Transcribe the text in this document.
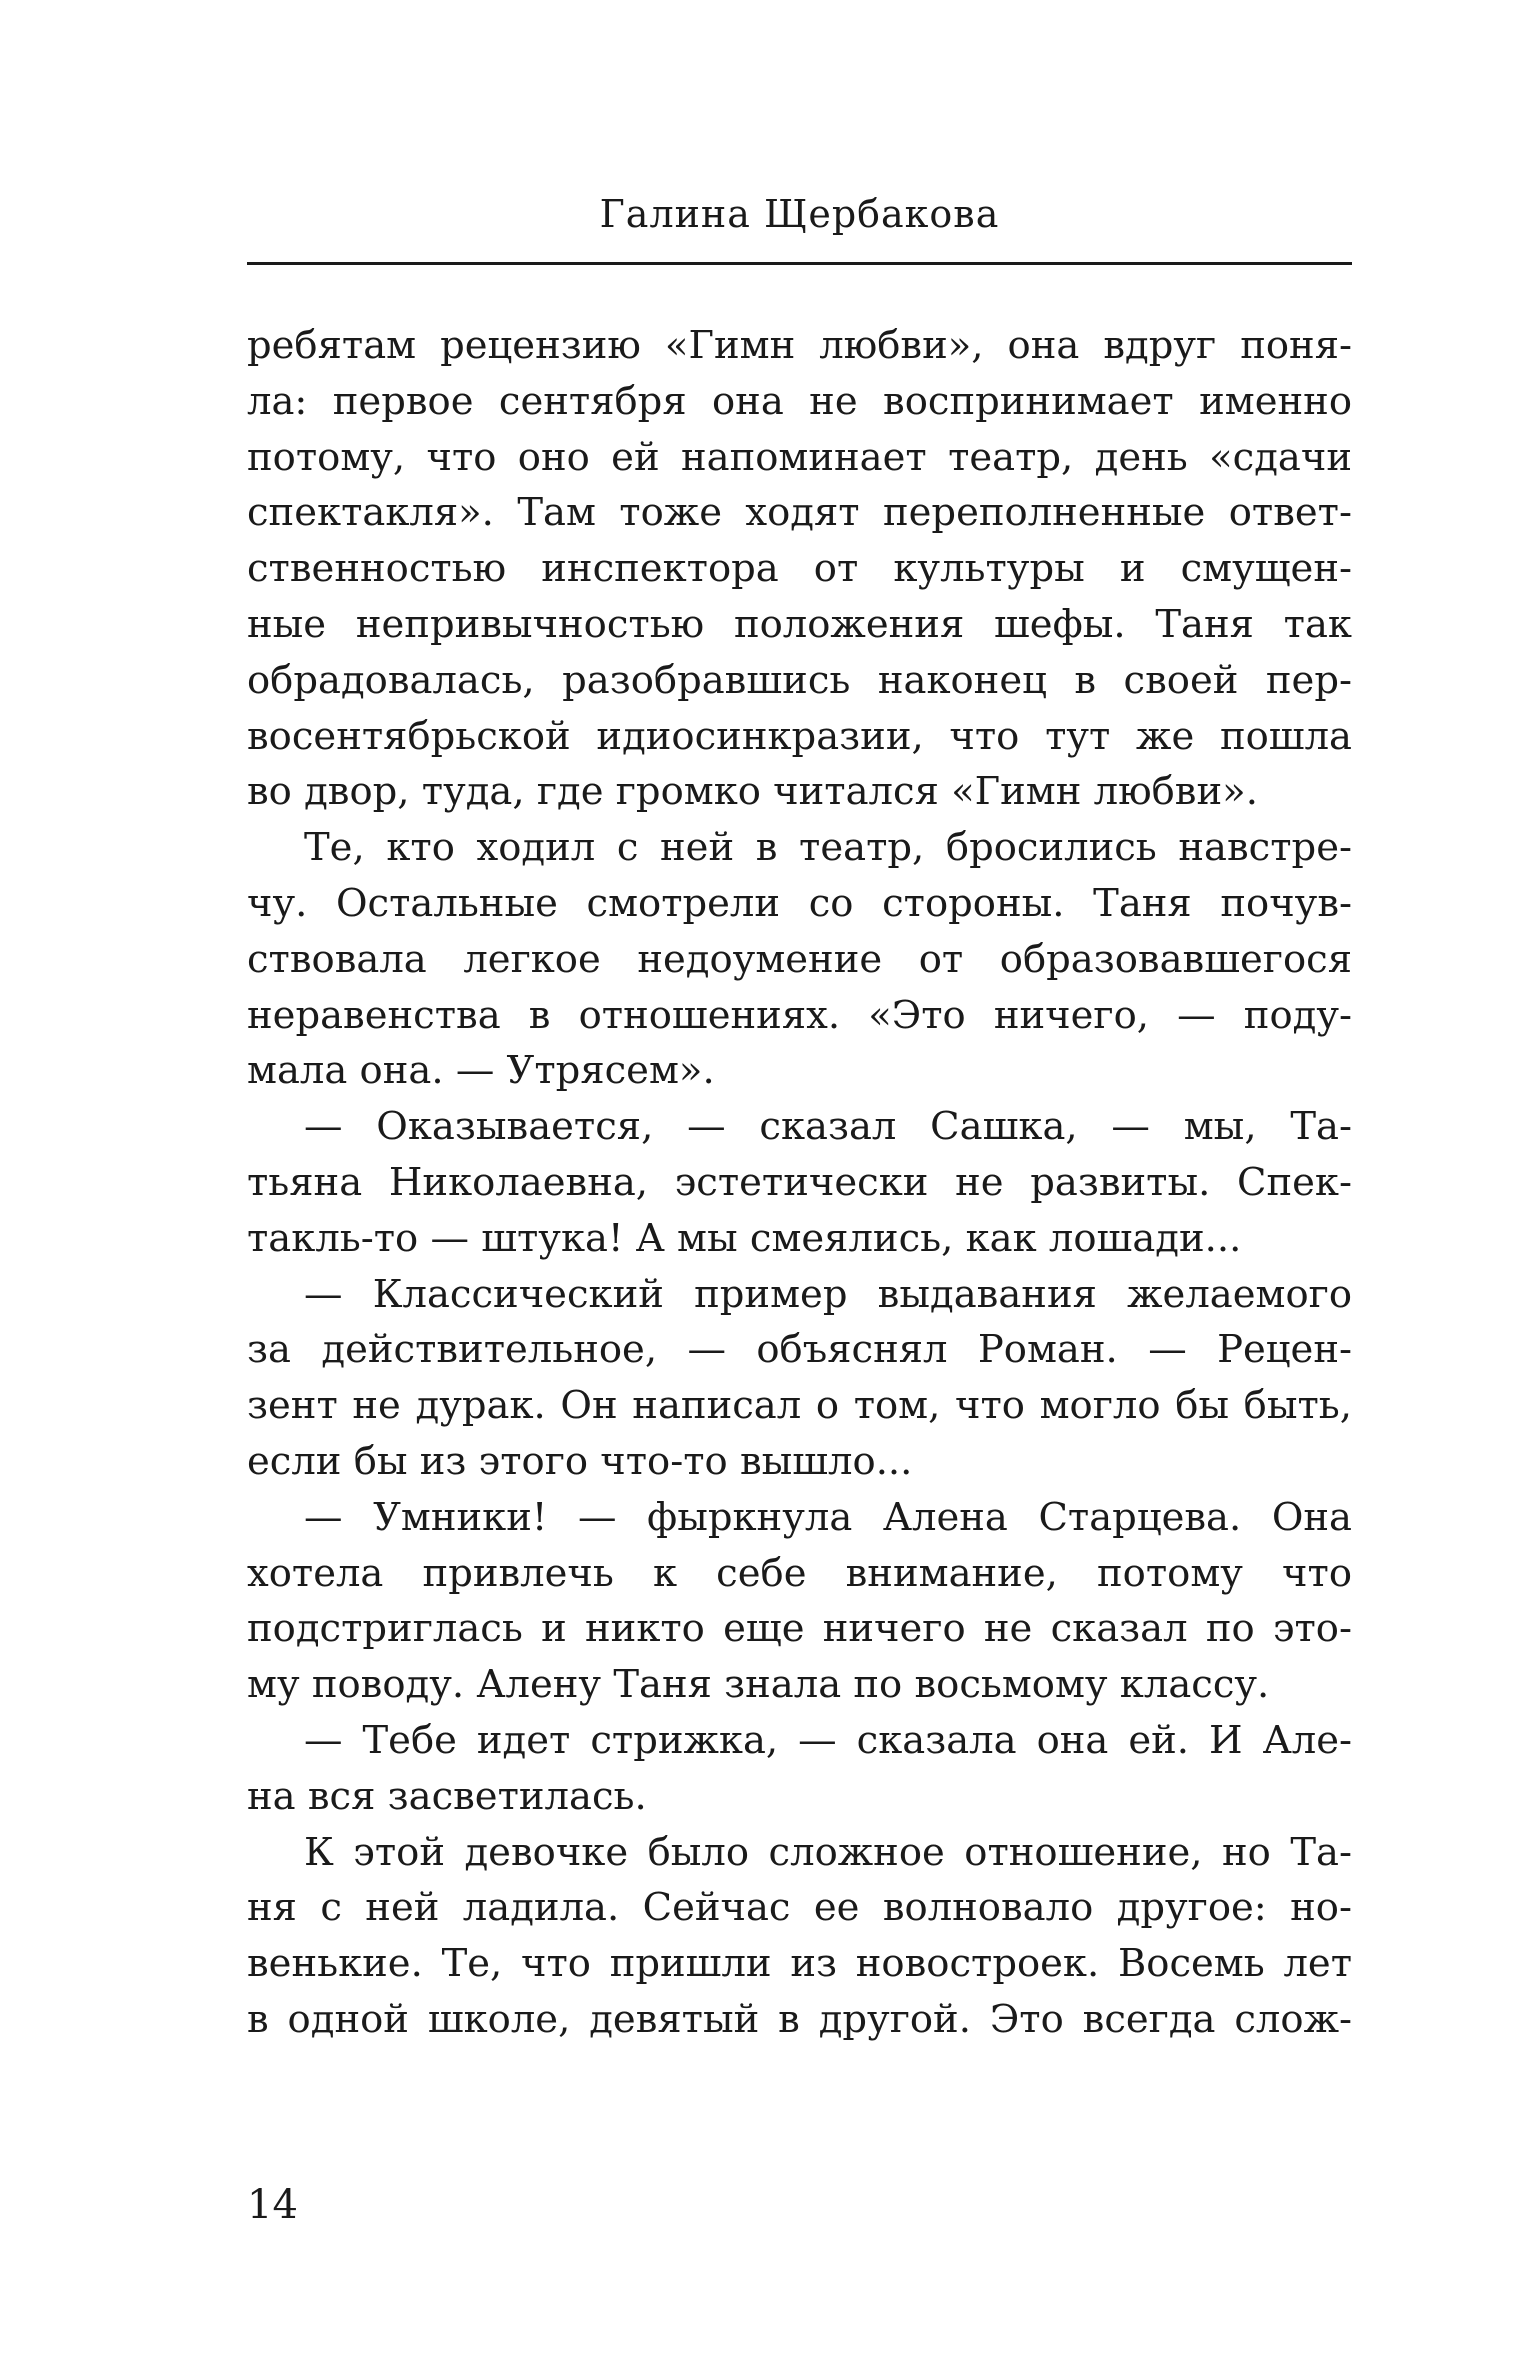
Галина Щербакова
ребятам рецензию «Гимн любви», она вдруг поня-
ла: первое сентября она не воспринимает именно
потому, что оно ей напоминает театр, день «сдачи
спектакля». Там тоже ходят переполненные ответ-
ственностью инспектора от культуры и смущен-
ные непривычностью положения шефы. Таня так
обрадовалась, разобравшись наконец в своей пер-
восентябрьской идиосинкразии, что тут же пошла
во двор, туда, где громко читался «Гимн любви».
Те, кто ходил с ней в театр, бросились навстре-
чу. Остальные смотрели со стороны. Таня почув-
ствовала легкое недоумение от образовавшегося
неравенства в отношениях. «Это ничего, — поду-
мала она. — Утрясем».
— Оказывается, — сказал Сашка, — мы, Та-
тьяна Николаевна, эстетически не развиты. Спек-
такль-то — штука! А мы смеялись, как лошади...
— Классический пример выдавания желаемого
за действительное, — объяснял Роман. — Рецен-
зент не дурак. Он написал о том, что могло бы быть,
если бы из этого что-то вышло...
— Умники! — фыркнула Алена Старцева. Она
хотела привлечь к себе внимание, потому что
подстриглась и никто еще ничего не сказал по это-
му поводу. Алену Таня знала по восьмому классу.
— Тебе идет стрижка, — сказала она ей. И Але-
на вся засветилась.
К этой девочке было сложное отношение, но Та-
ня с ней ладила. Сейчас ее волновало другое: но-
венькие. Те, что пришли из новостроек. Восемь лет
в одной школе, девятый в другой. Это всегда слож-
14
